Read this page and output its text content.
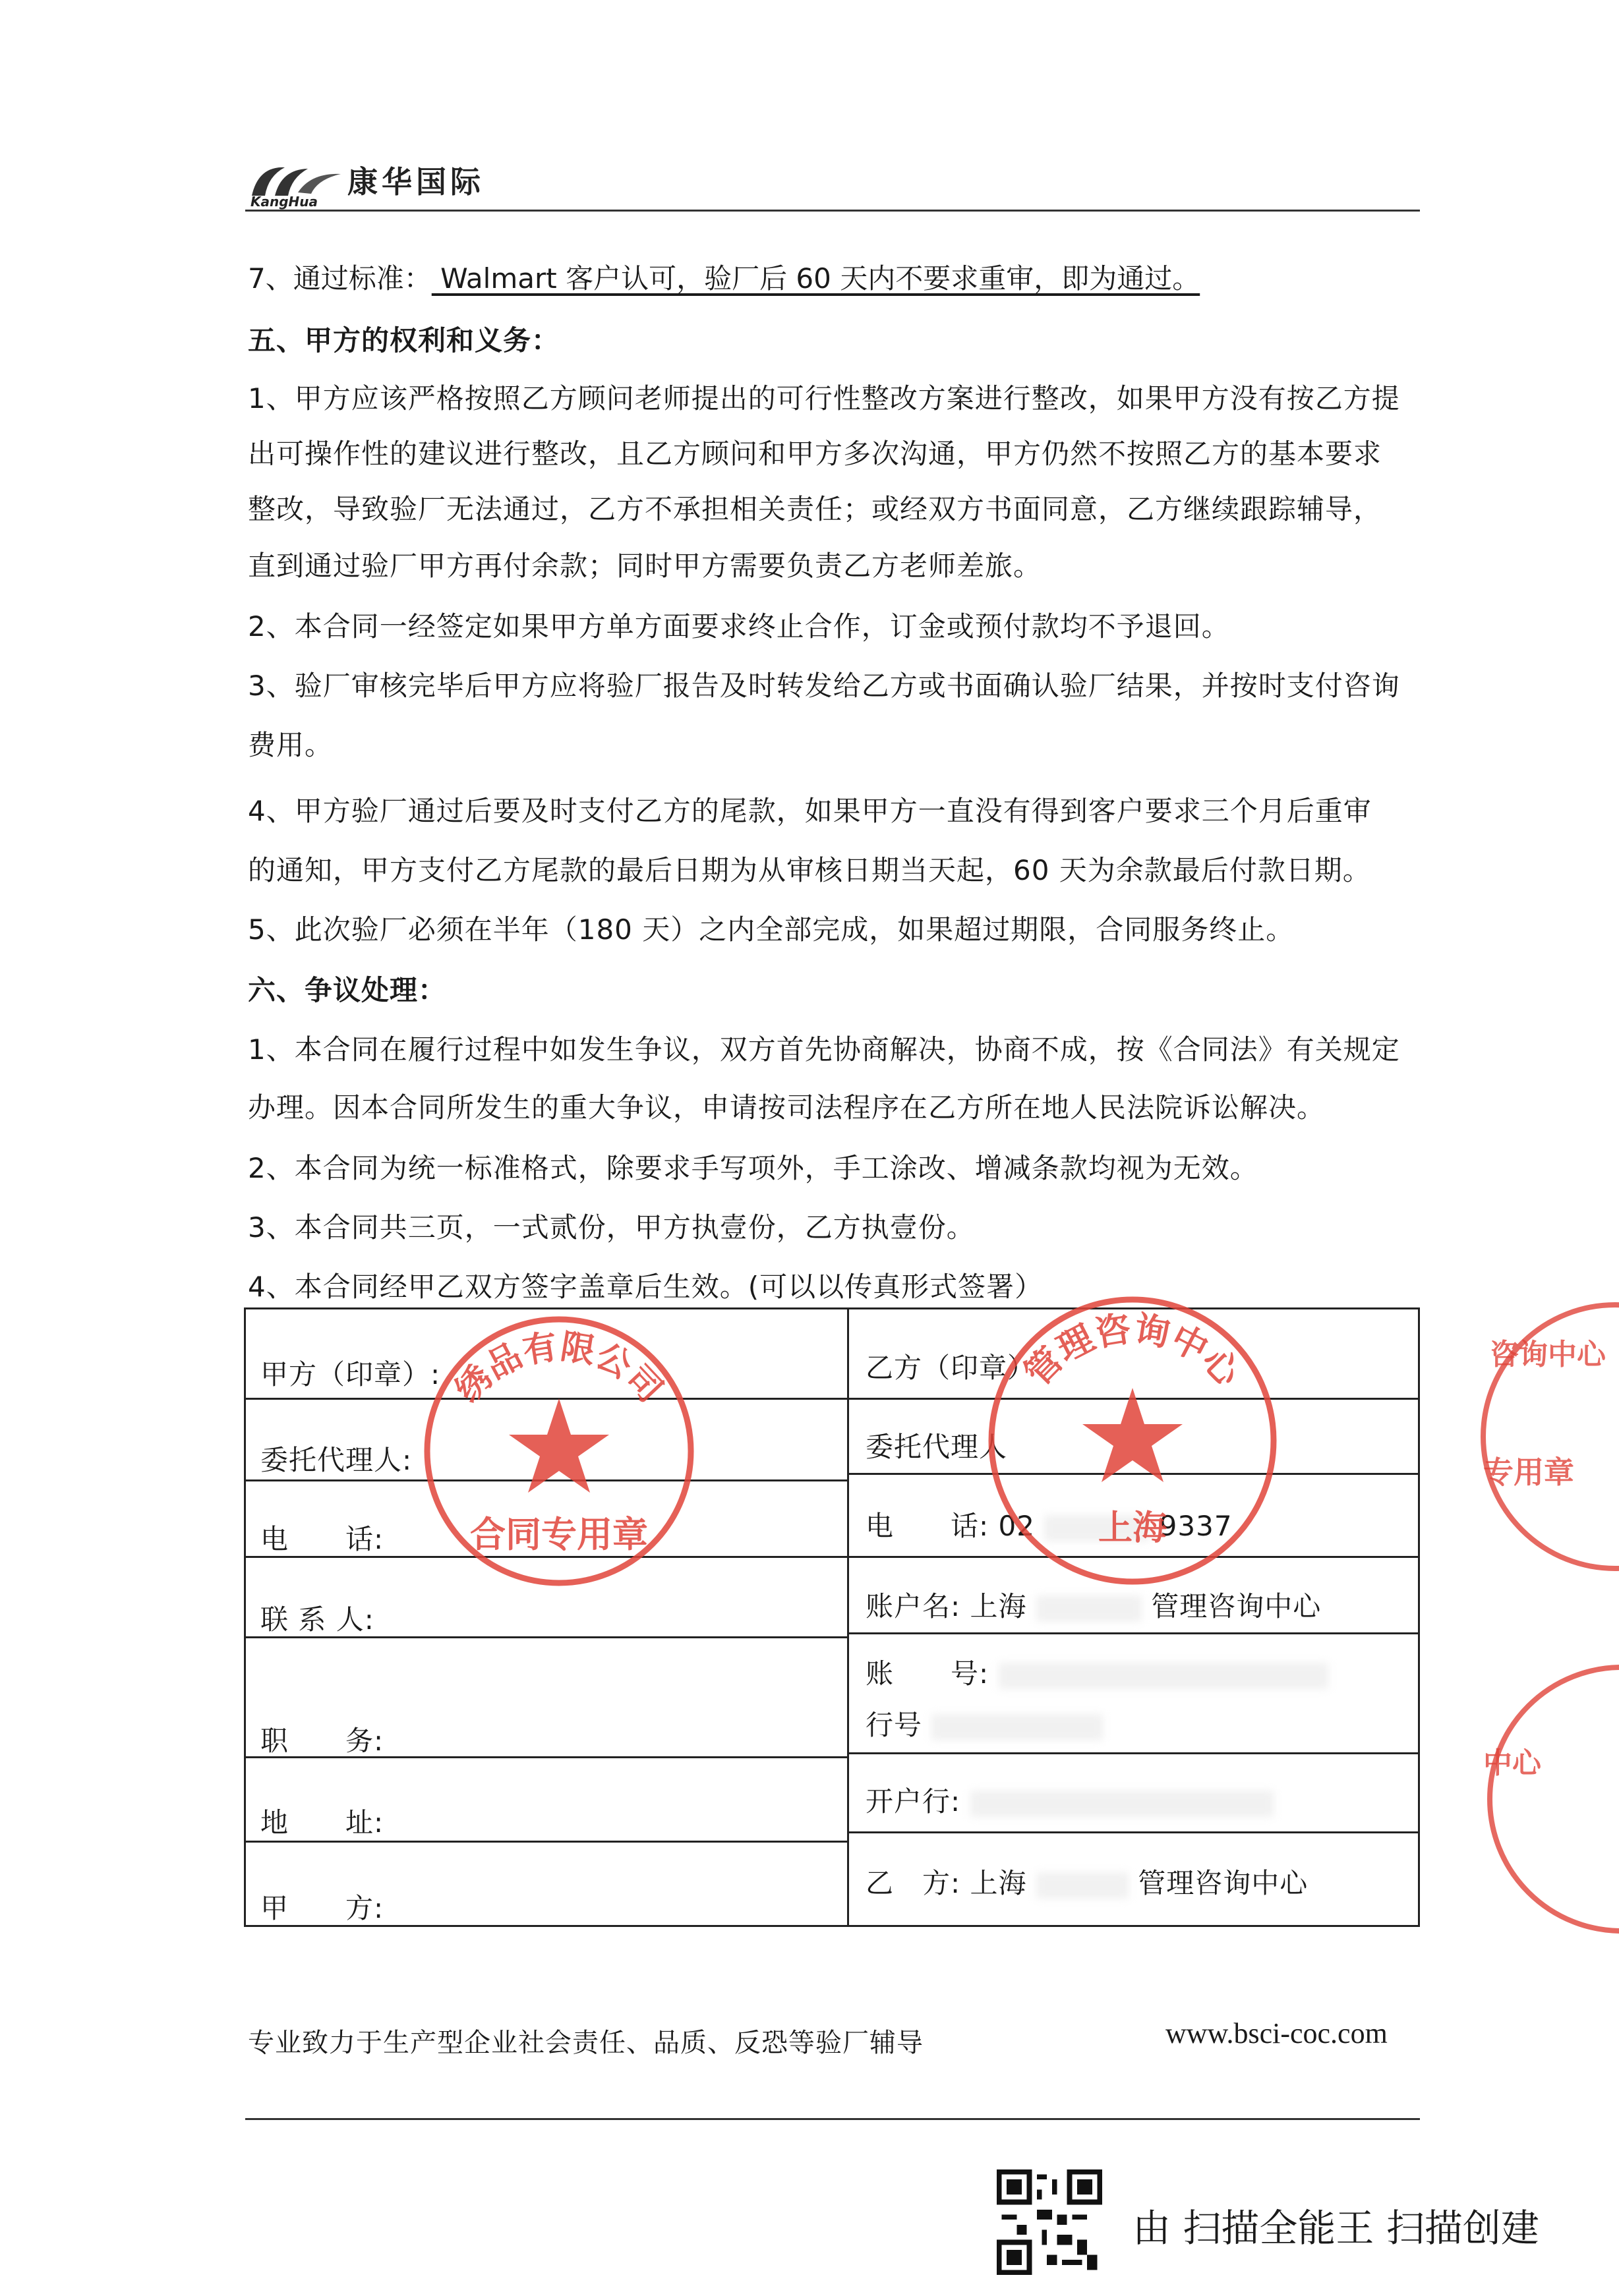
康华国际
KangHua
7、通过标准： Walmart 客户认可，验厂后 60 天内不要求重审，即为通过。
五、甲方的权利和义务：
1、甲方应该严格按照乙方顾问老师提出的可行性整改方案进行整改，如果甲方没有按乙方提
出可操作性的建议进行整改，且乙方顾问和甲方多次沟通，甲方仍然不按照乙方的基本要求
整改，导致验厂无法通过，乙方不承担相关责任；或经双方书面同意，乙方继续跟踪辅导，
直到通过验厂甲方再付余款；同时甲方需要负责乙方老师差旅。
2、本合同一经签定如果甲方单方面要求终止合作，订金或预付款均不予退回。
3、验厂审核完毕后甲方应将验厂报告及时转发给乙方或书面确认验厂结果，并按时支付咨询
费用。
4、甲方验厂通过后要及时支付乙方的尾款，如果甲方一直没有得到客户要求三个月后重审
的通知，甲方支付乙方尾款的最后日期为从审核日期当天起，60 天为余款最后付款日期。
5、此次验厂必须在半年（180 天）之内全部完成，如果超过期限，合同服务终止。
六、争议处理：
1、本合同在履行过程中如发生争议，双方首先协商解决，协商不成，按《合同法》有关规定
办理。因本合同所发生的重大争议，申请按司法程序在乙方所在地人民法院诉讼解决。
2、本合同为统一标准格式，除要求手写项外，手工涂改、增减条款均视为无效。
3、本合同共三页，一式贰份，甲方执壹份，乙方执壹份。
4、本合同经甲乙双方签字盖章后生效。(可以以传真形式签署）
甲方（印章）:
委托代理人:
电　　话:
联 系 人:
职　　务:
地　　址:
甲　　方:
乙方（印章）
委托代理人
电　　话: 02	9337
账户名: 上海	管理咨询中心
账　　号:
行号
开户行:
乙　方: 上海	管理咨询中心
绣品有限公司
合同专用章
管理咨询中心
上海
咨询中心
专用章
中心
专业致力于生产型企业社会责任、品质、反恐等验厂辅导	www.bsci-coc.com
由 扫描全能王 扫描创建
